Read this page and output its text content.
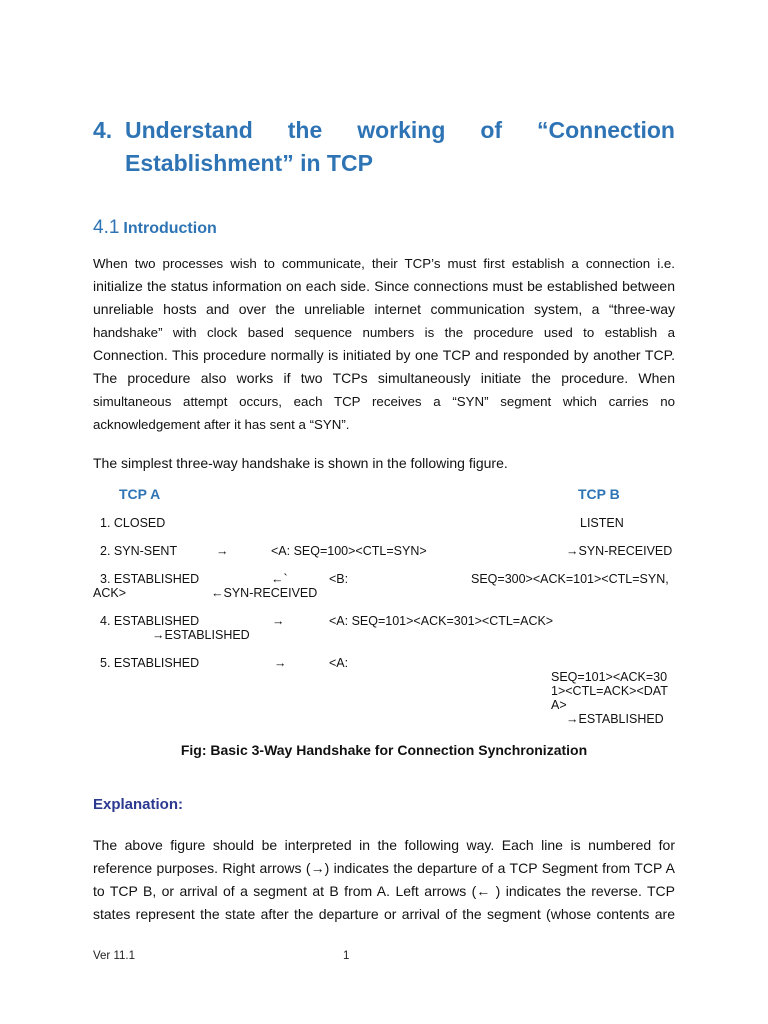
4. Understand the working of “Connection
Establishment” in TCP
4.1 Introduction
When two processes wish to communicate, their TCP’s must first establish a connection i.e.
initialize the status information on each side. Since connections must be established between
unreliable hosts and over the unreliable internet communication system, a “three-way
handshake” with clock based sequence numbers is the procedure used to establish a
Connection. This procedure normally is initiated by one TCP and responded by another TCP.
The procedure also works if two TCPs simultaneously initiate the procedure. When
simultaneous attempt occurs, each TCP receives a “SYN” segment which carries no
acknowledgement after it has sent a “SYN”.
The simplest three-way handshake is shown in the following figure.
TCP A	TCP B
1. CLOSED	LISTEN
2. SYN-SENT	→	<A: SEQ=100><CTL=SYN>	→SYN-RECEIVED
3. ESTABLISHED	←`	<B:	SEQ=300><ACK=101><CTL=SYN,
ACK>	←SYN-RECEIVED
4. ESTABLISHED	→	<A: SEQ=101><ACK=301><CTL=ACK>
→ESTABLISHED
5. ESTABLISHED	→	<A:
SEQ=101><ACK=30
1><CTL=ACK><DAT
A>
→ESTABLISHED
Fig: Basic 3-Way Handshake for Connection Synchronization
Explanation:
The above figure should be interpreted in the following way. Each line is numbered for
reference purposes. Right arrows (→) indicates the departure of a TCP Segment from TCP A
to TCP B, or arrival of a segment at B from A. Left arrows (← ) indicates the reverse. TCP
states represent the state after the departure or arrival of the segment (whose contents are
Ver 11.1	1
